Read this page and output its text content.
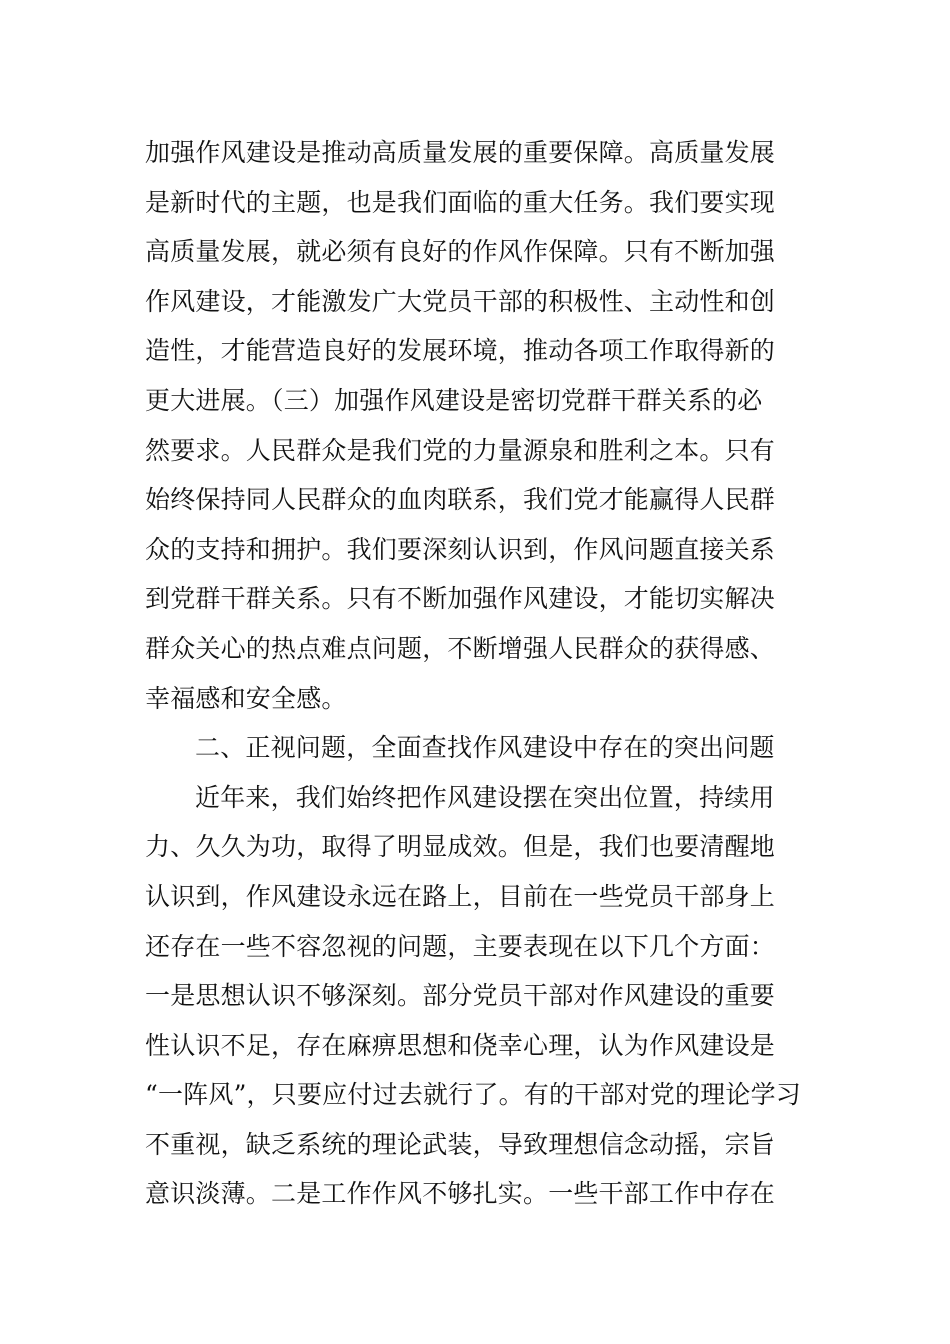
加强作风建设是推动高质量发展的重要保障。高质量发展
是新时代的主题，也是我们面临的重大任务。我们要实现
高质量发展，就必须有良好的作风作保障。只有不断加强
作风建设，才能激发广大党员干部的积极性、主动性和创
造性，才能营造良好的发展环境，推动各项工作取得新的
更大进展。（三）加强作风建设是密切党群干群关系的必
然要求。人民群众是我们党的力量源泉和胜利之本。只有
始终保持同人民群众的血肉联系，我们党才能赢得人民群
众的支持和拥护。我们要深刻认识到，作风问题直接关系
到党群干群关系。只有不断加强作风建设，才能切实解决
群众关心的热点难点问题，不断增强人民群众的获得感、
幸福感和安全感。
二、正视问题，全面查找作风建设中存在的突出问题
近年来，我们始终把作风建设摆在突出位置，持续用
力、久久为功，取得了明显成效。但是，我们也要清醒地
认识到，作风建设永远在路上，目前在一些党员干部身上
还存在一些不容忽视的问题，主要表现在以下几个方面：
一是思想认识不够深刻。部分党员干部对作风建设的重要
性认识不足，存在麻痹思想和侥幸心理，认为作风建设是
“一阵风”，只要应付过去就行了。有的干部对党的理论学习
不重视，缺乏系统的理论武装，导致理想信念动摇，宗旨
意识淡薄。二是工作作风不够扎实。一些干部工作中存在
